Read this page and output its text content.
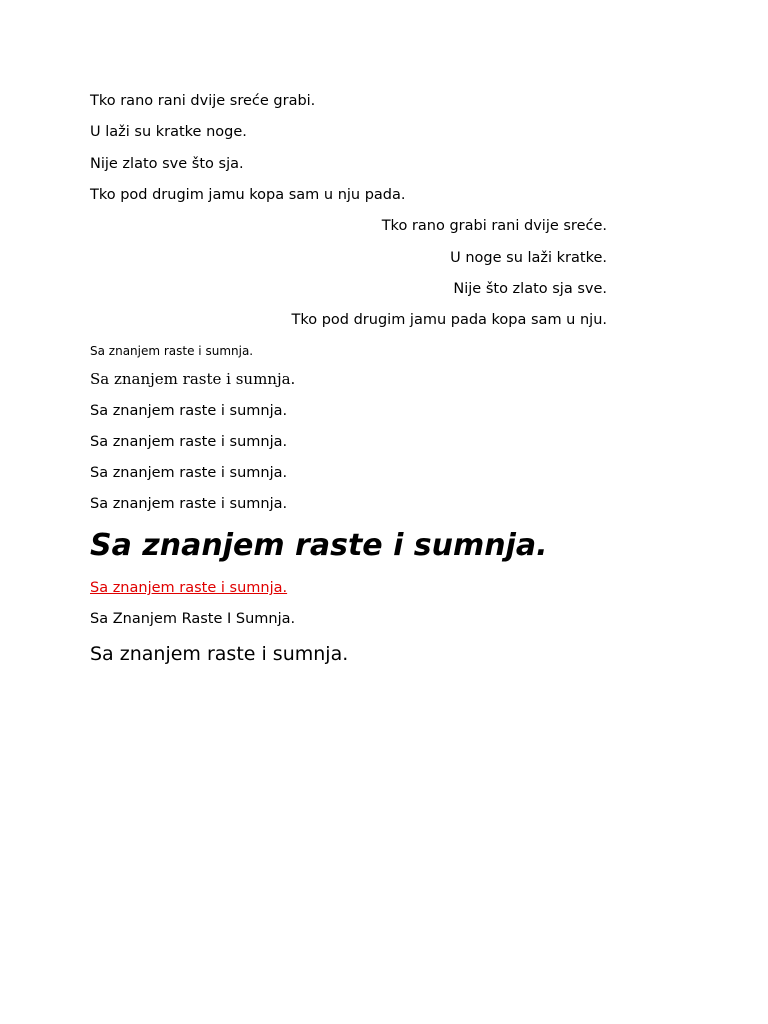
Tko rano rani dvije sreće grabi.
U laži su kratke noge.
Nije zlato sve što sja.
Tko pod drugim jamu kopa sam u nju pada.
Tko rano grabi rani dvije sreće.
U noge su laži kratke.
Nije što zlato sja sve.
Tko pod drugim jamu pada kopa sam u nju.
Sa znanjem raste i sumnja.
Sa znanjem raste i sumnja.
Sa znanjem raste i sumnja.
Sa znanjem raste i sumnja.
Sa znanjem raste i sumnja.
Sa znanjem raste i sumnja.
Sa znanjem raste i sumnja.
Sa znanjem raste i sumnja.
Sa Znanjem Raste I Sumnja.
Sa znanjem raste i sumnja.
